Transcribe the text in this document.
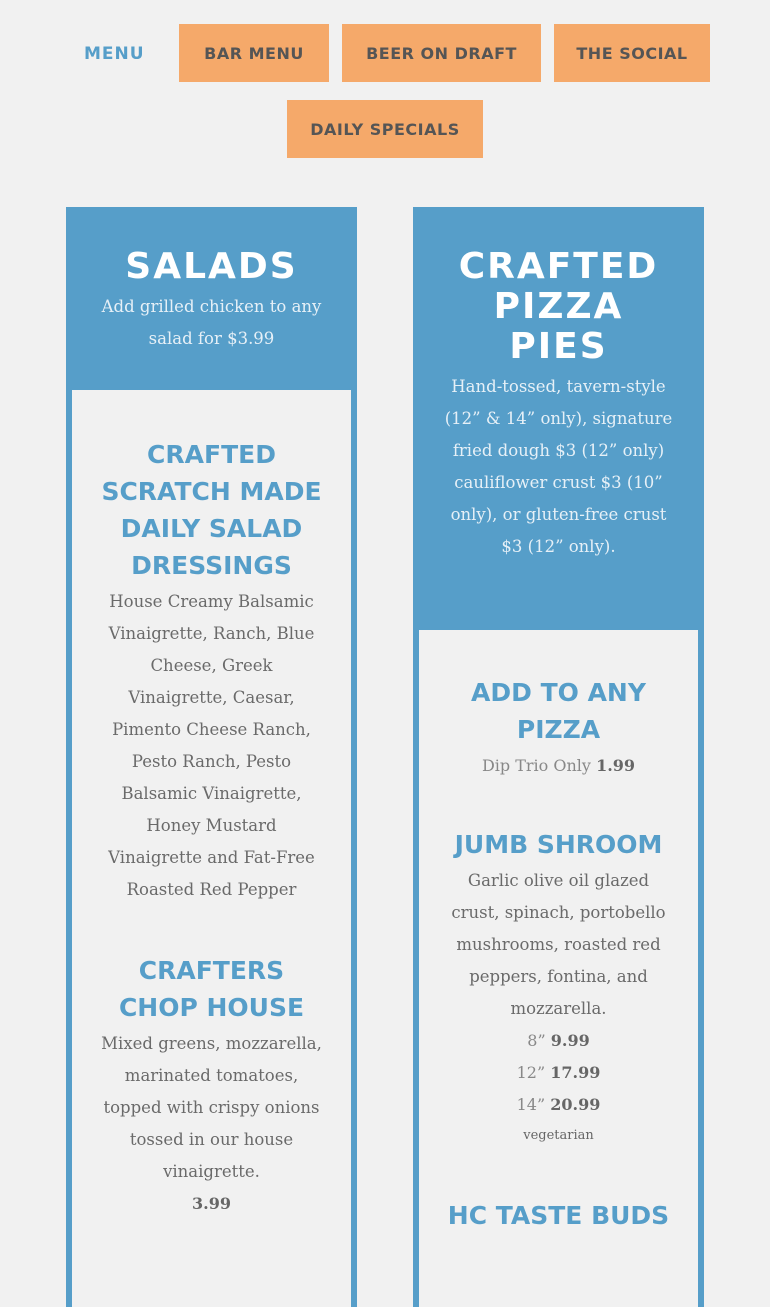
MENU	BAR MENU	BEER ON DRAFT	THE SOCIAL
DAILY SPECIALS
SALADS

Add grilled chicken to any salad for $3.99

CRAFTED SCRATCH MADE DAILY SALAD DRESSINGS

House Creamy Balsamic Vinaigrette, Ranch, Blue Cheese, Greek Vinaigrette, Caesar, Pimento Cheese Ranch, Pesto Ranch, Pesto Balsamic Vinaigrette, Honey Mustard Vinaigrette and Fat-Free Roasted Red Pepper

CRAFTERS CHOP HOUSE

Mixed greens, mozzarella, marinated tomatoes, topped with crispy onions tossed in our house vinaigrette.

3.99
CRAFTED PIZZA PIES

Hand-tossed, tavern-style (12” & 14” only), signature fried dough $3 (12” only) cauliflower crust $3 (10” only), or gluten-free crust $3 (12” only).

ADD TO ANY PIZZA
Dip Trio Only 1.99
JUMB SHROOM

Garlic olive oil glazed crust, spinach, portobello mushrooms, roasted red peppers, fontina, and mozzarella.

8” 9.99
12” 17.99
14” 20.99
vegetarian
HC TASTE BUDS
